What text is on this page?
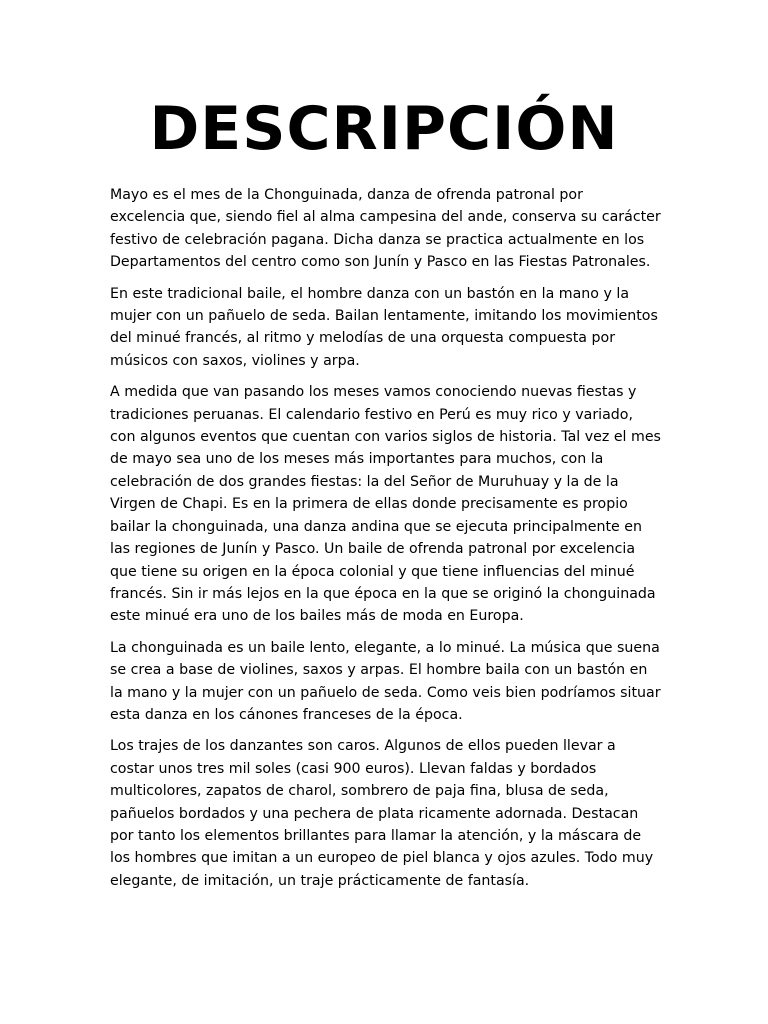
DESCRIPCIÓN

Mayo es el mes de la Chonguinada, danza de ofrenda patronal por excelencia que, siendo fiel al alma campesina del ande, conserva su carácter festivo de celebración pagana. Dicha danza se practica actualmente en los Departamentos del centro como son Junín y Pasco en las Fiestas Patronales.

En este tradicional baile, el hombre danza con un bastón en la mano y la mujer con un pañuelo de seda. Bailan lentamente, imitando los movimientos del minué francés, al ritmo y melodías de una orquesta compuesta por músicos con saxos, violines y arpa.

A medida que van pasando los meses vamos conociendo nuevas fiestas y tradiciones peruanas. El calendario festivo en Perú es muy rico y variado, con algunos eventos que cuentan con varios siglos de historia. Tal vez el mes de mayo sea uno de los meses más importantes para muchos, con la celebración de dos grandes fiestas: la del Señor de Muruhuay y la de la Virgen de Chapi. Es en la primera de ellas donde precisamente es propio bailar la chonguinada, una danza andina que se ejecuta principalmente en las regiones de Junín y Pasco. Un baile de ofrenda patronal por excelencia que tiene su origen en la época colonial y que tiene influencias del minué francés. Sin ir más lejos en la que época en la que se originó la chonguinada este minué era uno de los bailes más de moda en Europa.

La chonguinada es un baile lento, elegante, a lo minué. La música que suena se crea a base de violines, saxos y arpas. El hombre baila con un bastón en la mano y la mujer con un pañuelo de seda. Como veis bien podríamos situar esta danza en los cánones franceses de la época.

Los trajes de los danzantes son caros. Algunos de ellos pueden llevar a costar unos tres mil soles (casi 900 euros). Llevan faldas y bordados multicolores, zapatos de charol, sombrero de paja fina, blusa de seda, pañuelos bordados y una pechera de plata ricamente adornada. Destacan por tanto los elementos brillantes para llamar la atención, y la máscara de los hombres que imitan a un europeo de piel blanca y ojos azules. Todo muy elegante, de imitación, un traje prácticamente de fantasía.
